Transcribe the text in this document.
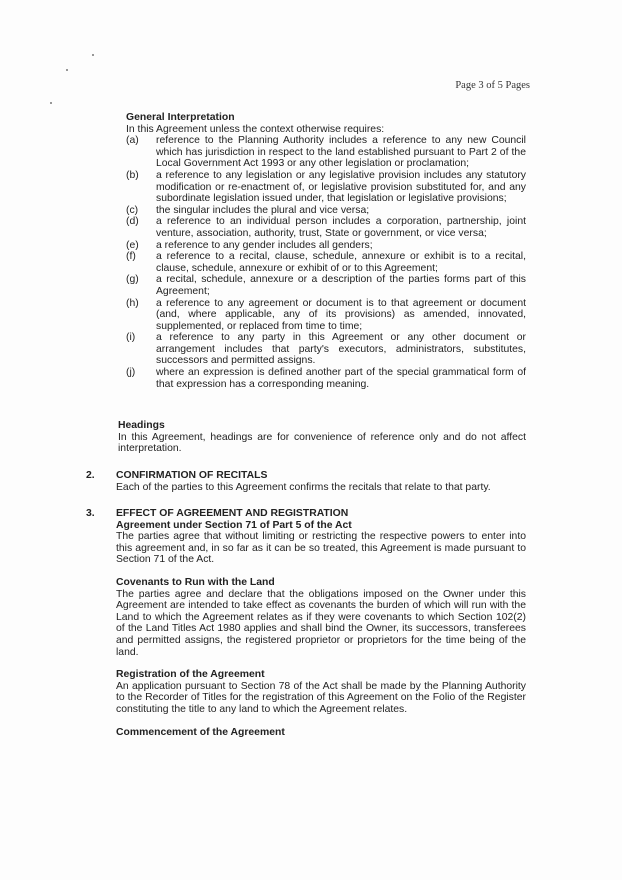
Page 3 of 5 Pages
General Interpretation
In this Agreement unless the context otherwise requires:
(a)	reference to the Planning Authority includes a reference to any new Council which has jurisdiction in respect to the land established pursuant to Part 2 of the Local Government Act 1993 or any other legislation or proclamation;
(b)	a reference to any legislation or any legislative provision includes any statutory modification or re-enactment of, or legislative provision substituted for, and any subordinate legislation issued under, that legislation or legislative provisions;
(c)	the singular includes the plural and vice versa;
(d)	a reference to an individual person includes a corporation, partnership, joint venture, association, authority, trust, State or government, or vice versa;
(e)	a reference to any gender includes all genders;
(f)	a reference to a recital, clause, schedule, annexure or exhibit is to a recital, clause, schedule, annexure or exhibit of or to this Agreement;
(g)	a recital, schedule, annexure or a description of the parties forms part of this Agreement;
(h)	a reference to any agreement or document is to that agreement or document (and, where applicable, any of its provisions) as amended, innovated, supplemented, or replaced from time to time;
(i)	a reference to any party in this Agreement or any other document or arrangement includes that party's executors, administrators, substitutes, successors and permitted assigns.
(j)	where an expression is defined another part of the special grammatical form of that expression has a corresponding meaning.
Headings

In this Agreement, headings are for convenience of reference only and do not affect interpretation.

2. CONFIRMATION OF RECITALS

Each of the parties to this Agreement confirms the recitals that relate to that party.

3. EFFECT OF AGREEMENT AND REGISTRATION
Agreement under Section 71 of Part 5 of the Act

The parties agree that without limiting or restricting the respective powers to enter into this agreement and, in so far as it can be so treated, this Agreement is made pursuant to Section 71 of the Act.

Covenants to Run with the Land

The parties agree and declare that the obligations imposed on the Owner under this Agreement are intended to take effect as covenants the burden of which will run with the Land to which the Agreement relates as if they were covenants to which Section 102(2) of the Land Titles Act 1980 applies and shall bind the Owner, its successors, transferees and permitted assigns, the registered proprietor or proprietors for the time being of the land.

Registration of the Agreement

An application pursuant to Section 78 of the Act shall be made by the Planning Authority to the Recorder of Titles for the registration of this Agreement on the Folio of the Register constituting the title to any land to which the Agreement relates.

Commencement of the Agreement
